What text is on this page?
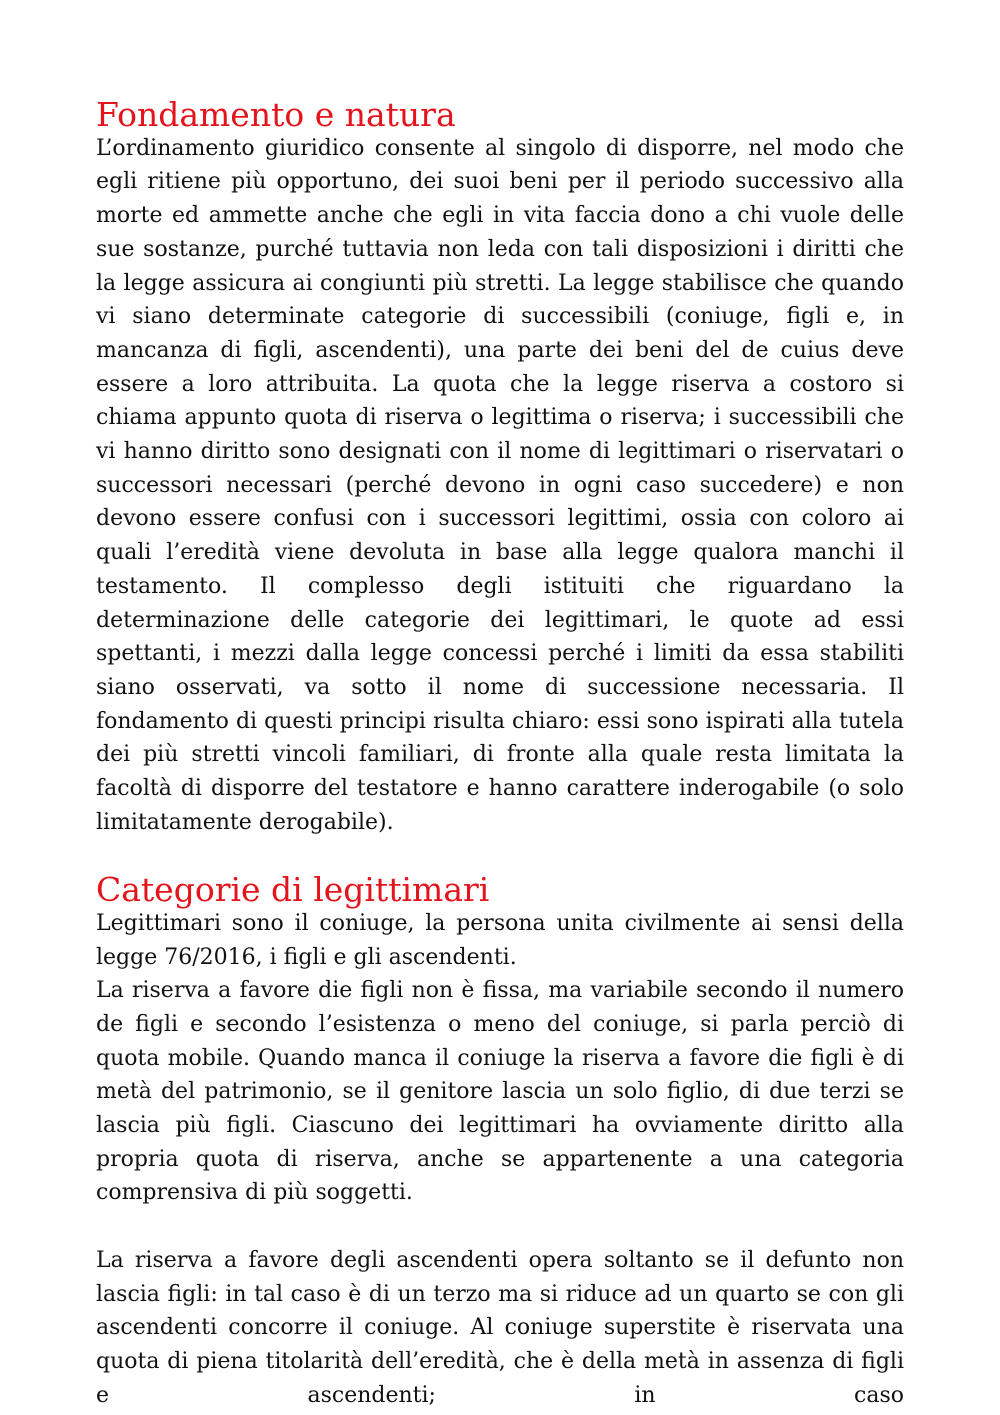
Fondamento e natura

L’ordinamento giuridico consente al singolo di disporre, nel modo che egli ritiene più opportuno, dei suoi beni per il periodo successivo alla morte ed ammette anche che egli in vita faccia dono a chi vuole delle sue sostanze, purché tuttavia non leda con tali disposizioni i diritti che la legge assicura ai congiunti più stretti. La legge stabilisce che quando vi siano determinate categorie di successibili (coniuge, figli e, in mancanza di figli, ascendenti), una parte dei beni del de cuius deve essere a loro attribuita. La quota che la legge riserva a costoro si chiama appunto quota di riserva o legittima o riserva; i successibili che vi hanno diritto sono designati con il nome di legittimari o riservatari o successori necessari (perché devono in ogni caso succedere) e non devono essere confusi con i successori legittimi, ossia con coloro ai quali l’eredità viene devoluta in base alla legge qualora manchi il testamento. Il complesso degli istituiti che riguardano la determinazione delle categorie dei legittimari, le quote ad essi spettanti, i mezzi dalla legge concessi perché i limiti da essa stabiliti siano osservati, va sotto il nome di successione necessaria. Il fondamento di questi principi risulta chiaro: essi sono ispirati alla tutela dei più stretti vincoli familiari, di fronte alla quale resta limitata la facoltà di disporre del testatore e hanno carattere inderogabile (o solo limitatamente derogabile).

Categorie di legittimari

Legittimari sono il coniuge, la persona unita civilmente ai sensi della legge 76/2016, i figli e gli ascendenti.

La riserva a favore die figli non è fissa, ma variabile secondo il numero de figli e secondo l’esistenza o meno del coniuge, si parla perciò di quota mobile. Quando manca il coniuge la riserva a favore die figli è di metà del patrimonio, se il genitore lascia un solo figlio, di due terzi se lascia più figli. Ciascuno dei legittimari ha ovviamente diritto alla propria quota di riserva, anche se appartenente a una categoria comprensiva di più soggetti.

La riserva a favore degli ascendenti opera soltanto se il defunto non lascia figli: in tal caso è di un terzo ma si riduce ad un quarto se con gli ascendenti concorre il coniuge. Al coniuge superstite è riservata una quota di piena titolarità dell’eredità, che è della metà in assenza di figli e ascendenti; in caso
